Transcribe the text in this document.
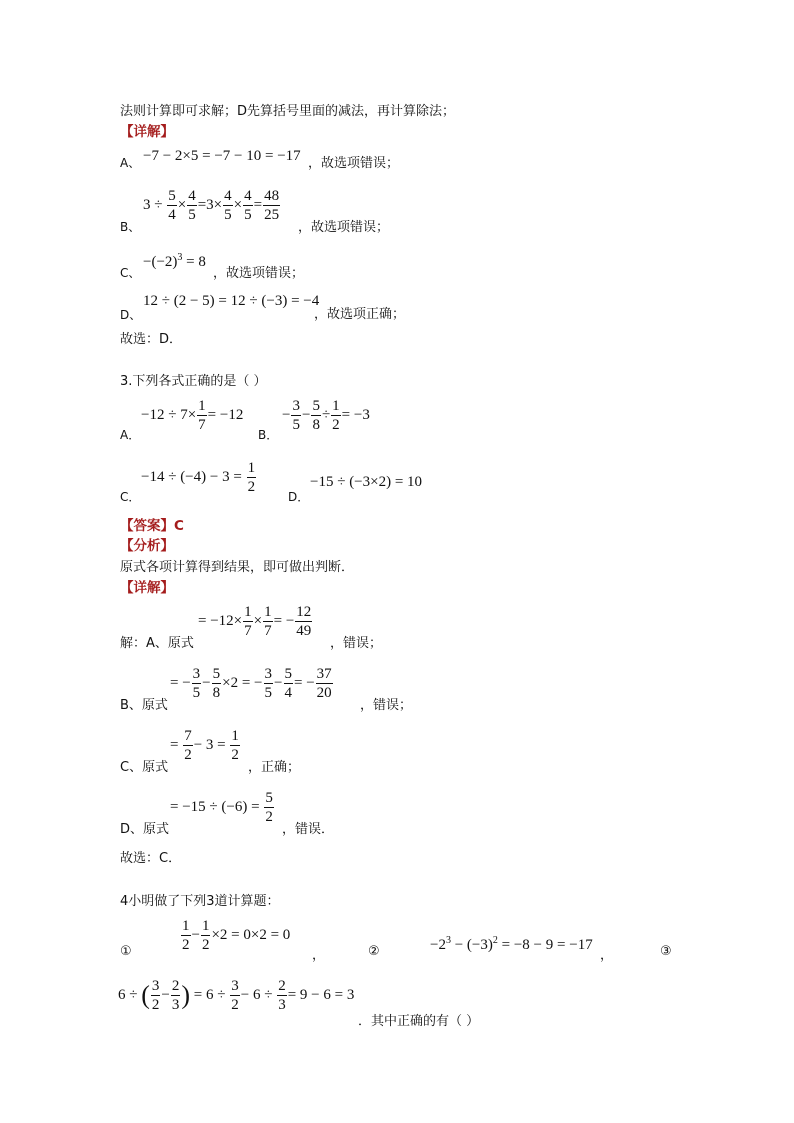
法则计算即可求解；D先算括号里面的减法，再计算除法；
【详解】
A、 −7 − 2×5 = −7 − 10 = −17 ，故选项错误；
B、
$3 \div \frac{5}{4} \times \frac{4}{5} =3\times \frac{4}{5} \times \frac{4}{5} = \frac{48}{25}$
，故选项错误；
C、
$-(-2)^3 = 8$
，故选项错误；
D、
12 ÷ (2 − 5) = 12 ÷ (−3) = −4
，故选项正确；
故选：D．
3.下列各式正确的是（ ）
A．
$-12 \div 7\times \frac{1}{7} = -12$
B．
− $\frac{3}{5} - \frac{5}{8} \div \frac{1}{2} = -3$
C．
$-14 \div (-4) - 3 = \frac{1}{2}$
D．
−15 ÷ (−3×2) = 10
【答案】C
【分析】
原式各项计算得到结果，即可做出判断．
【详解】
解：A、原式
= $-12\times \frac{1}{7} \times \frac{1}{7}$ = − $\frac{12}{49}$
，错误；
B、原式
= − $\frac{3}{5} - \frac{5}{8} \times 2$ = − $\frac{3}{5} - \frac{5}{4}$ = − $\frac{37}{20}$
，错误；
C、原式
= $\frac{7}{2} - 3 = \frac{1}{2}$
，正确；
D、原式
= $-15 \div (-6) = \frac{5}{2}$
，错误．
故选：C．
4小明做了下列3道计算题：
①	$\frac{1}{2} - \frac{1}{2} \times 2 = 0\times 2 = 0$
，	②	$-2^3 - (-3)^2 = -8 - 9 = -17$
，	③
6 ÷ ( $\frac{3}{2} - \frac{2}{3}$ ) = $6 \div \frac{3}{2} - 6 \div \frac{2}{3} = 9 - 6 = 3$
．其中正确的有（ ）
